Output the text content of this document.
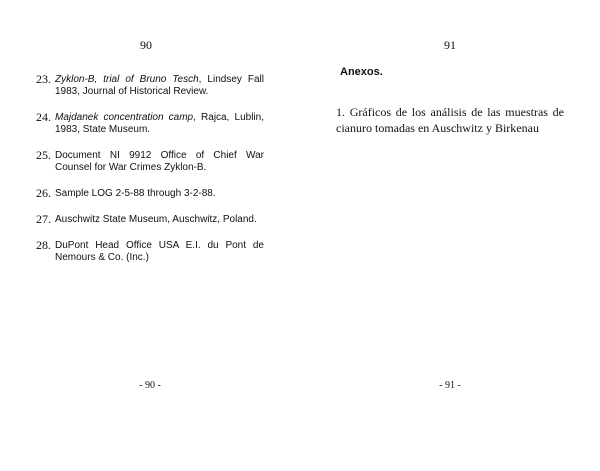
90
23. Zyklon-B, trial of Bruno Tesch, Lindsey Fall 1983, Journal of Historical Review.
24. Majdanek concentration camp, Rajca, Lublin, 1983, State Museum.
25. Document NI 9912 Office of Chief War Counsel for War Crimes Zyklon-B.
26. Sample LOG 2-5-88 through 3-2-88.
27. Auschwitz State Museum, Auschwitz, Poland.
28. DuPont Head Office USA E.I. du Pont de Nemours & Co. (Inc.)
- 90 -
91
Anexos.
1. Gráficos de los análisis de las muestras de cianuro tomadas en Auschwitz y Birkenau
- 91 -
